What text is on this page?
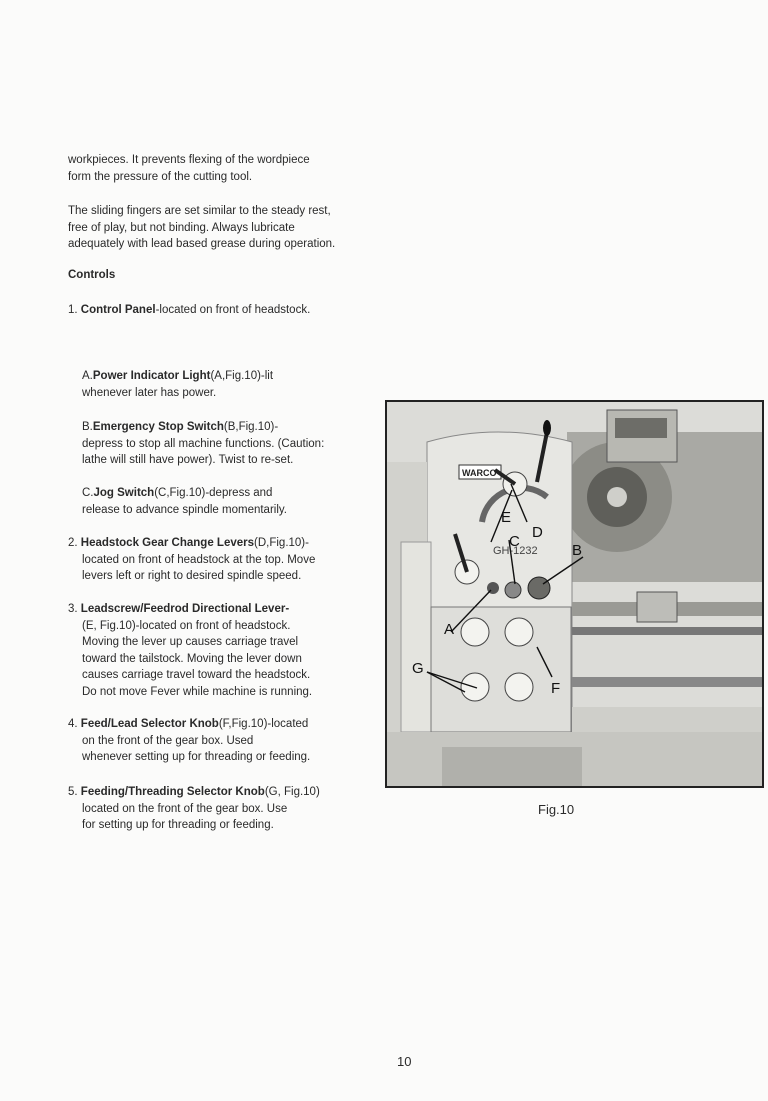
workpieces. It prevents flexing of the wordpiece

form the pressure of the cutting tool.

The sliding fingers are set similar to the steady rest,

free of play, but not binding. Always lubricate

adequately with lead based grease during operation.

Controls
1. Control Panel-located on front of headstock.

A.Power Indicator Light(A,Fig.10)-lit

whenever later has power.

B.Emergency Stop Switch(B,Fig.10)-

depress to stop all machine functions. (Caution:

lathe will still have power). Twist to re-set.

C.Jog Switch(C,Fig.10)-depress and

release to advance spindle momentarily.

2. Headstock Gear Change Levers(D,Fig.10)-

located on front of headstock at the top. Move

levers left or right to desired spindle speed.

3. Leadscrew/Feedrod Directional Lever-

(E, Fig.10)-located on front of headstock.

Moving the lever up causes carriage travel

toward the tailstock. Moving the lever down

causes carriage travel toward the headstock.

Do not move Fever while machine is running.

4. Feed/Lead Selector Knob(F,Fig.10)-located

on the front of the gear box. Used

whenever setting up for threading or feeding.

5. Feeding/Threading Selector Knob(G, Fig.10)

located on the front of the gear box. Use

for setting up for threading or feeding.

WARCO
GH-1232
A
B
C
D
E
F
G
Fig.10
10
